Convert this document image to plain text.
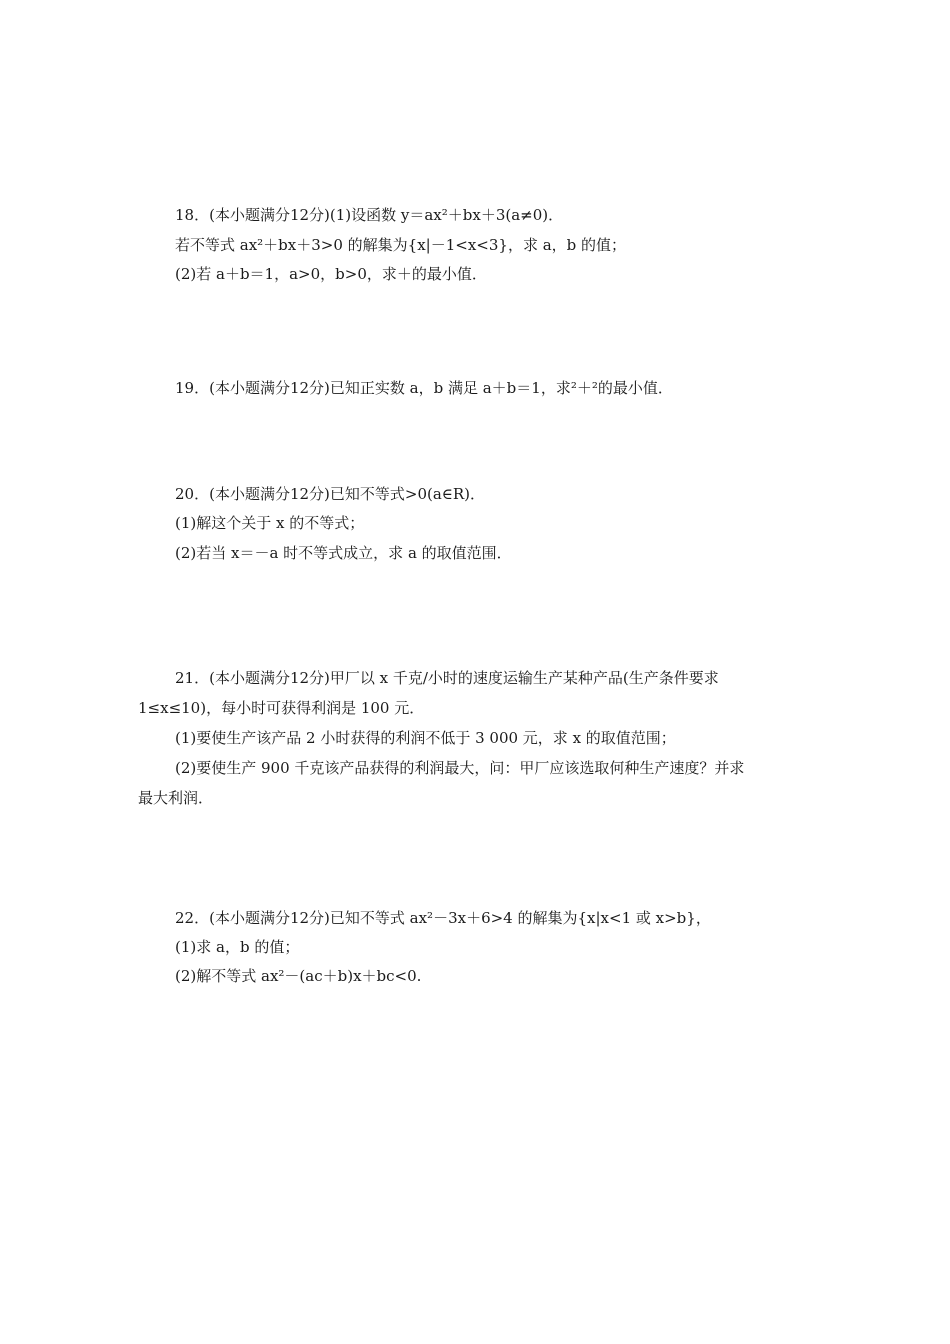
18．(本小题满分12分)(1)设函数 y＝ax²＋bx＋3(a≠0)．
若不等式 ax²＋bx＋3>0 的解集为{x|－1<x<3}，求 a，b 的值；
(2)若 a＋b＝1，a>0，b>0，求＋的最小值．
19．(本小题满分12分)已知正实数 a，b 满足 a＋b＝1，求²＋²的最小值．
20．(本小题满分12分)已知不等式>0(a∈R)．
(1)解这个关于 x 的不等式；
(2)若当 x＝－a 时不等式成立，求 a 的取值范围．
21．(本小题满分12分)甲厂以 x 千克/小时的速度运输生产某种产品(生产条件要求
1≤x≤10)，每小时可获得利润是 100 元．
(1)要使生产该产品 2 小时获得的利润不低于 3 000 元，求 x 的取值范围；
(2)要使生产 900 千克该产品获得的利润最大，问：甲厂应该选取何种生产速度？并求
最大利润．
22．(本小题满分12分)已知不等式 ax²－3x＋6>4 的解集为{x|x<1 或 x>b}，
(1)求 a，b 的值；
(2)解不等式 ax²－(ac＋b)x＋bc<0.
